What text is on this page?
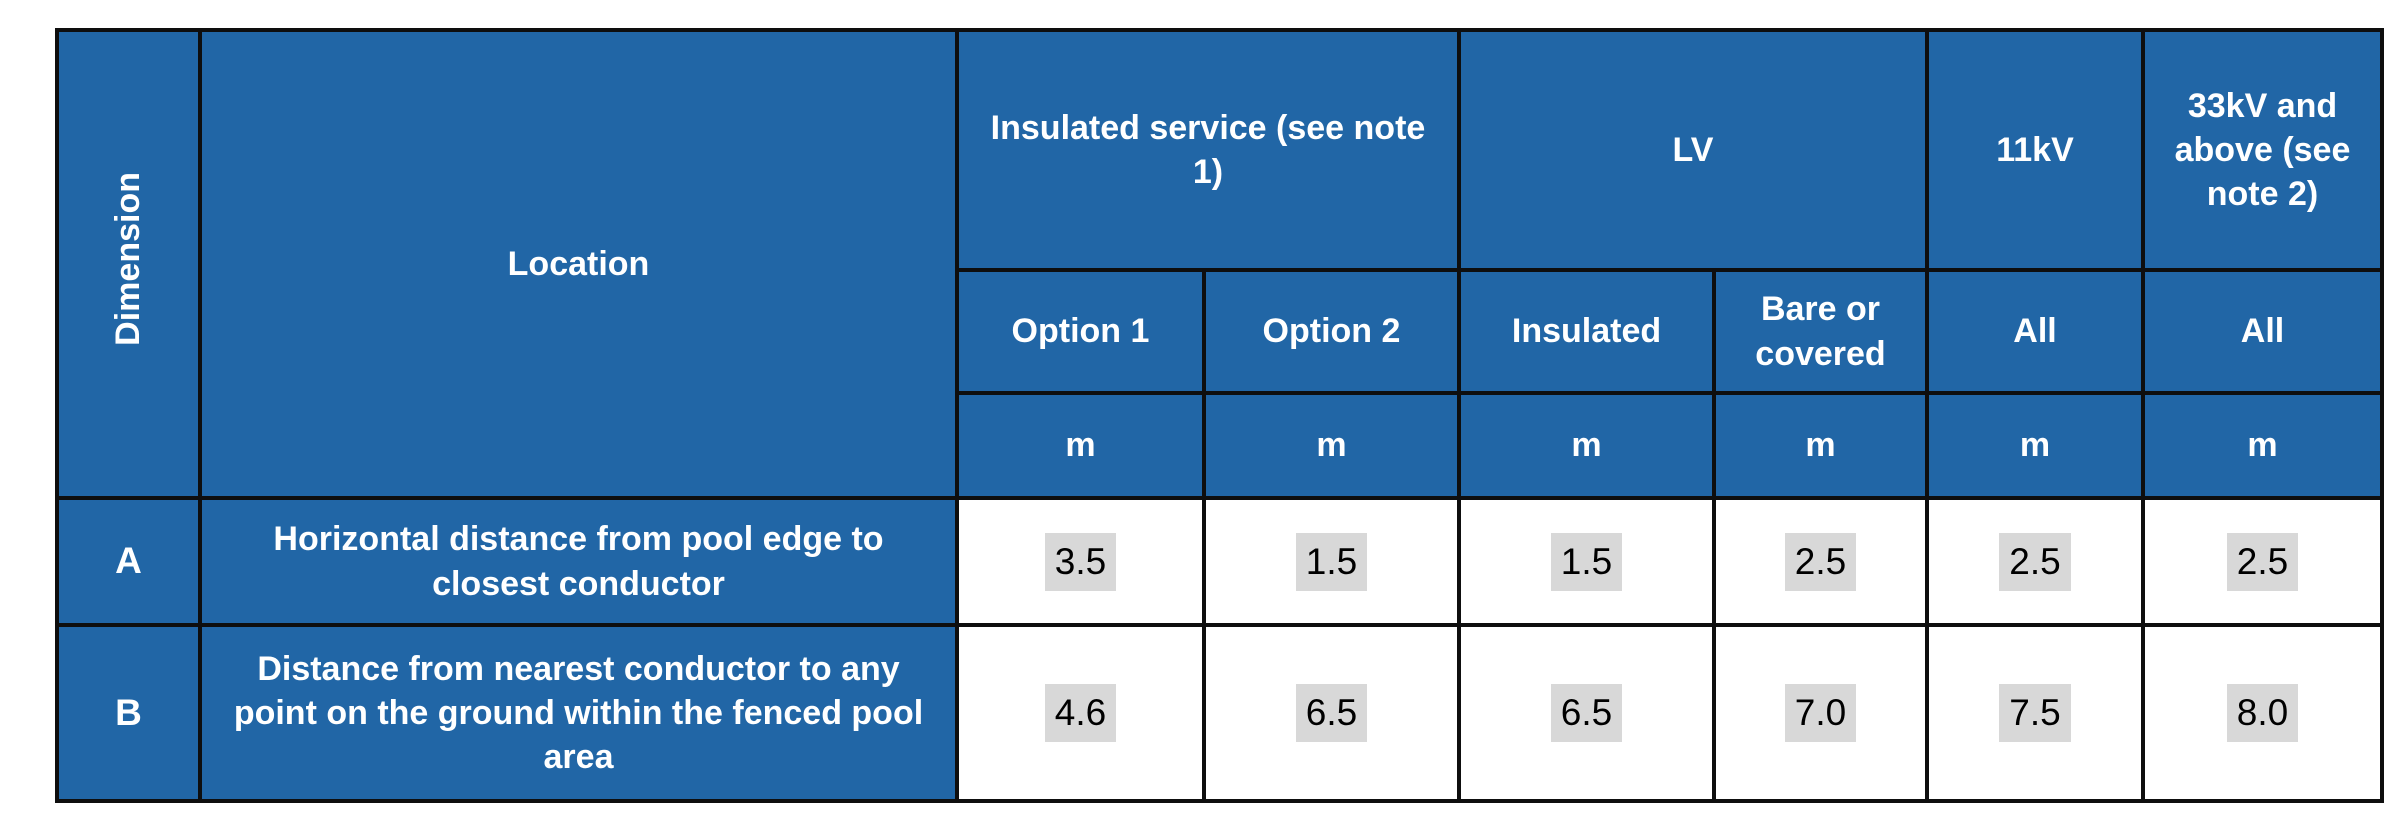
Dimension	Location	Insulated service (see note 1)		LV		11kV	33kV and above (see note 2)
		Option 1	Option 2	Insulated	Bare or covered	All	All
		m	m	m	m	m	m
A	Horizontal distance from pool edge to closest conductor	3.5	1.5	1.5	2.5	2.5	2.5
B	Distance from nearest conductor to any point on the ground within the fenced pool area	4.6	6.5	6.5	7.0	7.5	8.0
